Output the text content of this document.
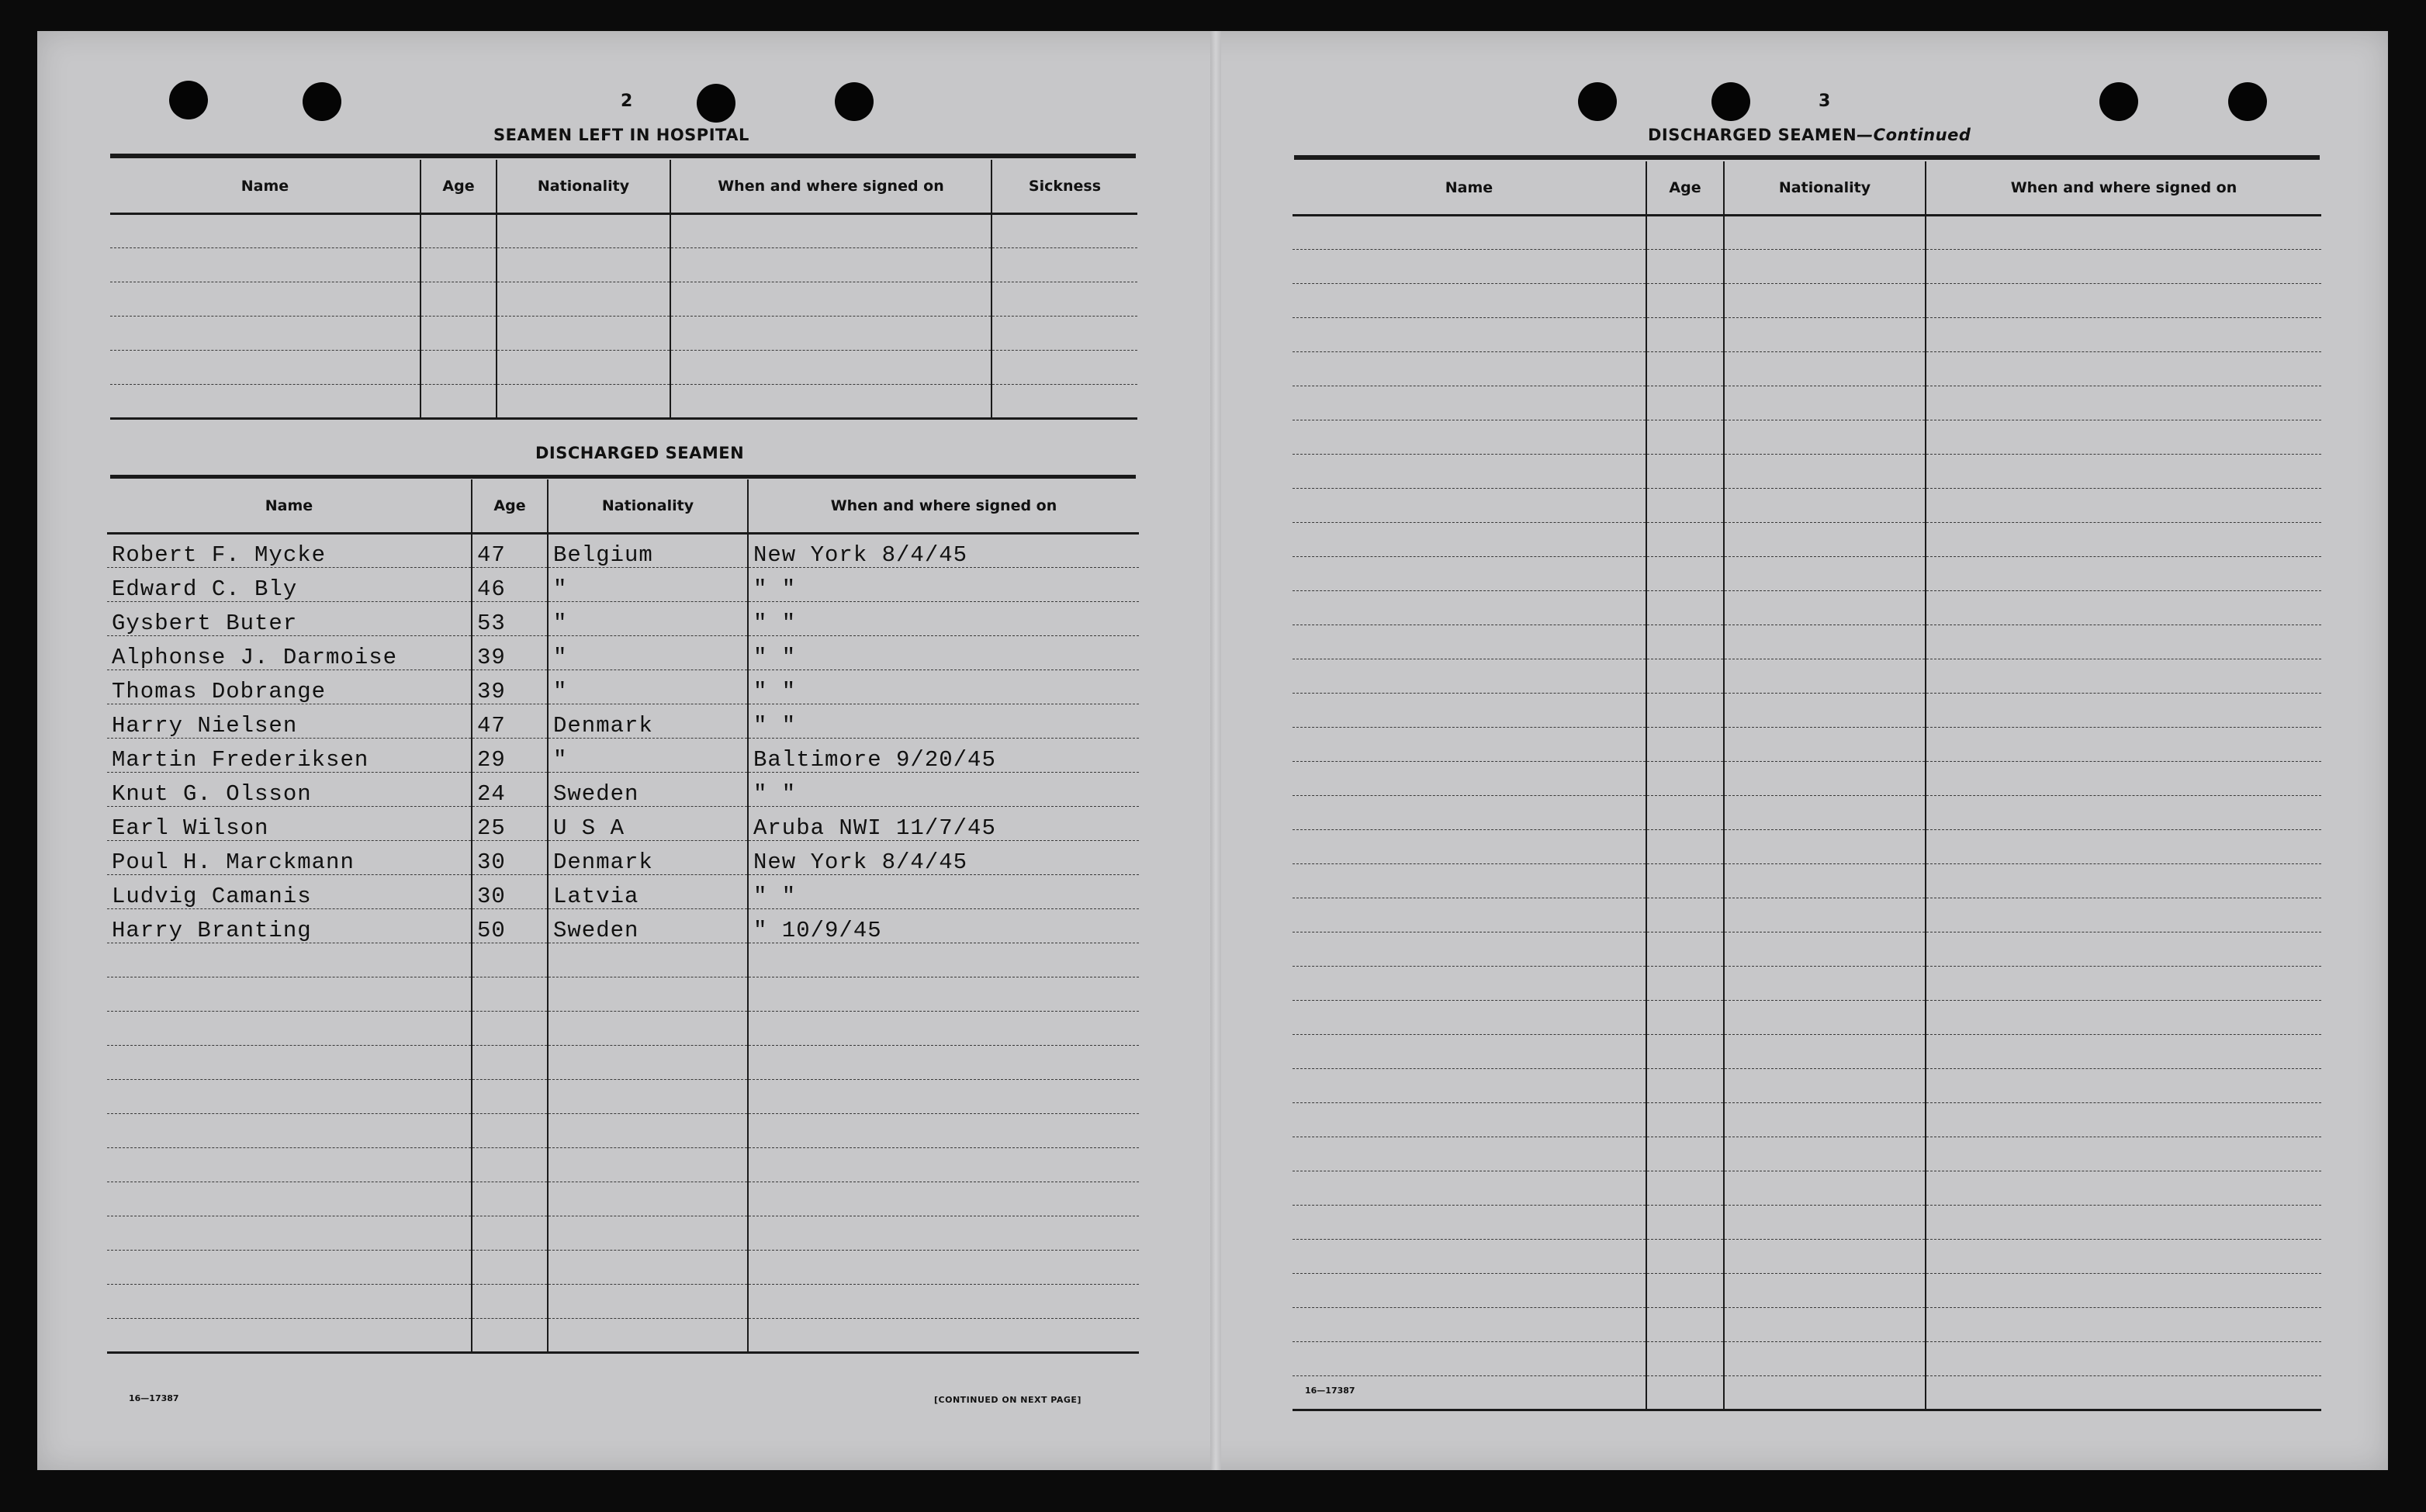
2
SEAMEN LEFT IN HOSPITAL
Name	Age	Nationality	When and where signed on	Sickness

DISCHARGED SEAMEN
Name	Age	Nationality	When and where signed on
Robert F. Mycke	47	Belgium	New York 8/4/45
Edward C. Bly	46	"	" "
Gysbert Buter	53	"	" "
Alphonse J. Darmoise	39	"	" "
Thomas Dobrange	39	"	" "
Harry Nielsen	47	Denmark	" "
Martin Frederiksen	29	"	Baltimore 9/20/45
Knut G. Olsson	24	Sweden	" "
Earl Wilson	25	U S A	Aruba NWI 11/7/45
Poul H. Marckmann	30	Denmark	New York 8/4/45
Ludvig Camanis	30	Latvia	" "
Harry Branting	50	Sweden	" 10/9/45

16—17387	[CONTINUED ON NEXT PAGE]
3
DISCHARGED SEAMEN—Continued
Name	Age	Nationality	When and where signed on

16—17387
